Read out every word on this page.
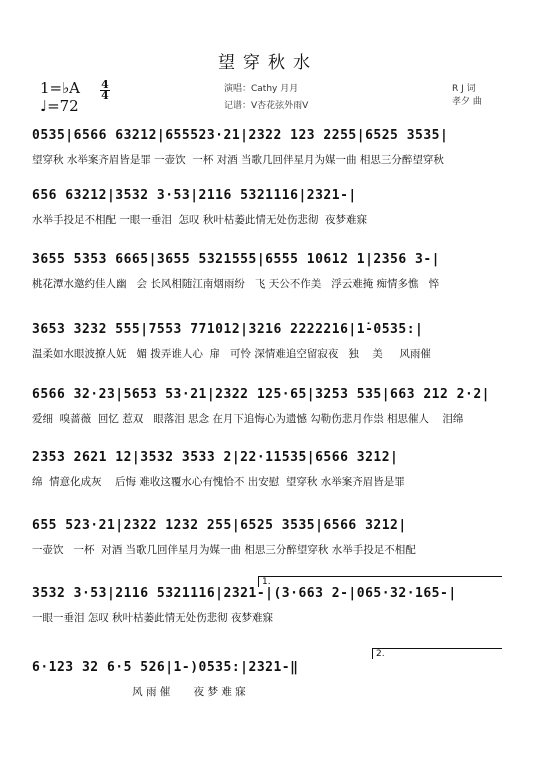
望穿秋水
1=♭A
♩=72
4
4	演唱：Cathy 月月
记谱：V杏花弦外雨V
R J 词
孝夕 曲
0535|6566 63212|655523·21|2322 123 2255|6525 3535|
望穿秋 水举案齐眉皆是罪 一壶饮  一杯 对酒 当歌几回伴星月为媒一曲 相思三分醉望穿秋
656 63212|3532 3·53|2116 5321116|2321-|
水举手投足不相配 一眼一垂泪  怎叹 秋叶枯萎此情无处伤悲彻  夜梦难寐
3655 5353 6665|3655 5321555|6555 10612 1|2356 3-|
桃花潭水邀约佳人幽   会 长风相随江南烟雨纷   飞 天公不作美   浮云难掩 痴情多憔   悴
3653 3232 555|7553 771012|3216 2222216|1̇-0535:|
温柔如水眼波撩人妩   媚 拨弄谁人心  扉   可怜 深情难追空留寂夜   独    美     风雨催
6566 32·23|5653 53·21|2322 125·65|3253 535|663 212 2·2|
爱细  嗅蔷薇  回忆 惹双   眼落泪 思念 在月下追悔心为遗憾 勾勒伤悲月作祟 相思催人    泪绵
2353 2621 12|3532 3533 2|22·11535|6566 3212|
绵  情意化成灰    后悔 难收这覆水心有愧恰不 出安慰  望穿秋 水举案齐眉皆是罪
655 523·21|2322 1232 255|6525 3535|6566 3212|
一壶饮   一杯  对酒 当歌几回伴星月为媒一曲 相思三分醉望穿秋 水举手投足不相配
1.
3532 3·53|2116 5321116|2321-|(3·663 2-|065·32·165-|
一眼一垂泪 怎叹 秋叶枯萎此情无处伤悲彻 夜梦难寐
2.
6·123 32 6·5 526|1-)0535:|2321-‖
风 雨 催       夜 梦 难 寐
